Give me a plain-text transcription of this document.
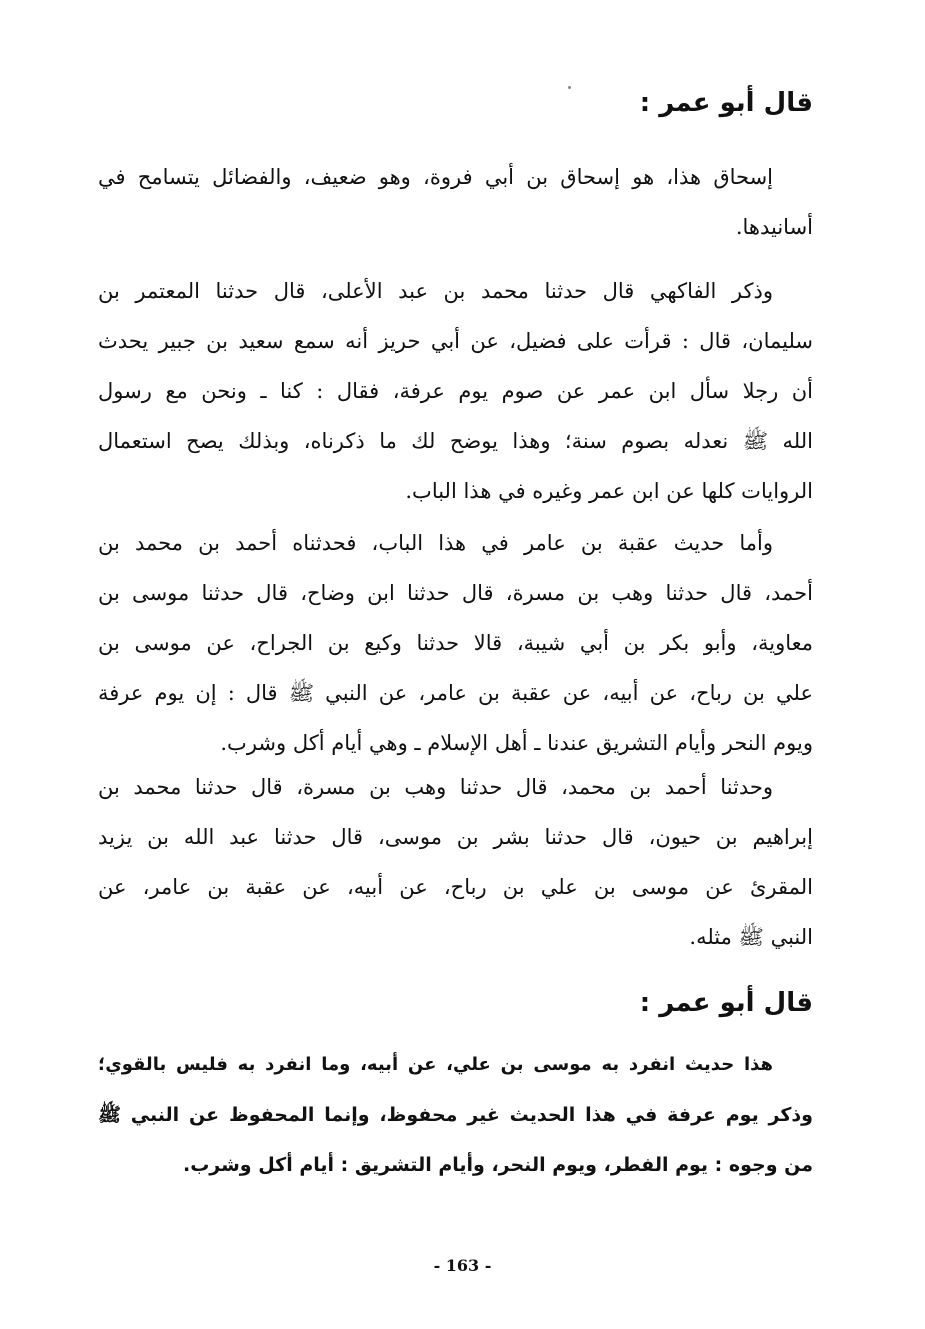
قال أبو عمر :
إسحاق هذا، هو إسحاق بن أبي فروة، وهو ضعيف، والفضائل يتسامح في
أسانيدها.
وذكر الفاكهي قال حدثنا محمد بن عبد الأعلى، قال حدثنا المعتمر بن
سليمان، قال : قرأت على فضيل، عن أبي حريز أنه سمع سعيد بن جبير يحدث
أن رجلا سأل ابن عمر عن صوم يوم عرفة، فقال : كنا ـ ونحن مع رسول
الله ﷺ نعدله بصوم سنة؛ وهذا يوضح لك ما ذكرناه، وبذلك يصح استعمال
الروايات كلها عن ابن عمر وغيره في هذا الباب.
وأما حديث عقبة بن عامر في هذا الباب، فحدثناه أحمد بن محمد بن
أحمد، قال حدثنا وهب بن مسرة، قال حدثنا ابن وضاح، قال حدثنا موسى بن
معاوية، وأبو بكر بن أبي شيبة، قالا حدثنا وكيع بن الجراح، عن موسى بن
علي بن رباح، عن أبيه، عن عقبة بن عامر، عن النبي ﷺ قال : إن يوم عرفة
ويوم النحر وأيام التشريق عندنا ـ أهل الإسلام ـ وهي أيام أكل وشرب.
وحدثنا أحمد بن محمد، قال حدثنا وهب بن مسرة، قال حدثنا محمد بن
إبراهيم بن حيون، قال حدثنا بشر بن موسى، قال حدثنا عبد الله بن يزيد
المقرئ عن موسى بن علي بن رباح، عن أبيه، عن عقبة بن عامر، عن
النبي ﷺ مثله.
قال أبو عمر :
هذا حديث انفرد به موسى بن علي، عن أبيه، وما انفرد به فليس بالقوي؛
وذكر يوم عرفة في هذا الحديث غير محفوظ، وإنما المحفوظ عن النبي ﷺ
من وجوه : يوم الفطر، ويوم النحر، وأيام التشريق : أيام أكل وشرب.
- 163 -
